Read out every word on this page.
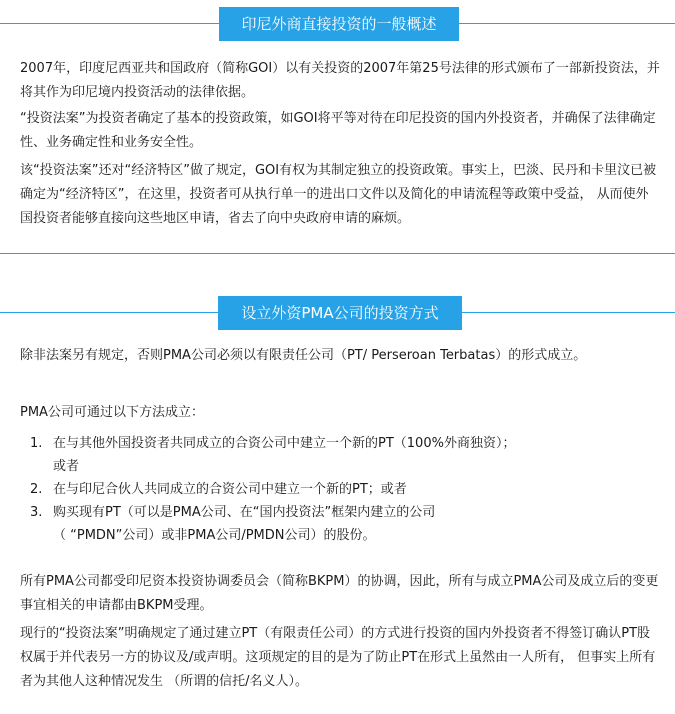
印尼外商直接投资的一般概述

2007年，印度尼西亚共和国政府（简称GOI）以有关投资的2007年第25号法律的形式颁布了一部新投资法，并将其作为印尼境内投资活动的法律依据。

“投资法案”为投资者确定了基本的投资政策，如GOI将平等对待在印尼投资的国内外投资者，并确保了法律确定性、业务确定性和业务安全性。

该“投资法案”还对“经济特区”做了规定，GOI有权为其制定独立的投资政策。事实上，巴淡、民丹和卡里汶已被确定为“经济特区”，在这里，投资者可从执行单一的进出口文件以及简化的申请流程等政策中受益， 从而使外国投资者能够直接向这些地区申请，省去了向中央政府申请的麻烦。

设立外资PMA公司的投资方式

除非法案另有规定，否则PMA公司必须以有限责任公司（PT/ Perseroan Terbatas）的形式成立。

PMA公司可通过以下方法成立：

1. 在与其他外国投资者共同成立的合资公司中建立一个新的PT（100%外商独资）；
或者
2. 在与印尼合伙人共同成立的合资公司中建立一个新的PT；或者
3. 购买现有PT（可以是PMA公司、在“国内投资法”框架内建立的公司
（ “PMDN”公司）或非PMA公司/PMDN公司）的股份。

所有PMA公司都受印尼资本投资协调委员会（简称BKPM）的协调，因此，所有与成立PMA公司及成立后的变更事宜相关的申请都由BKPM受理。

现行的“投资法案”明确规定了通过建立PT（有限责任公司）的方式进行投资的国内外投资者不得签订确认PT股权属于并代表另一方的协议及/或声明。这项规定的目的是为了防止PT在形式上虽然由一人所有， 但事实上所有者为其他人这种情况发生 （所谓的信托/名义人）。
